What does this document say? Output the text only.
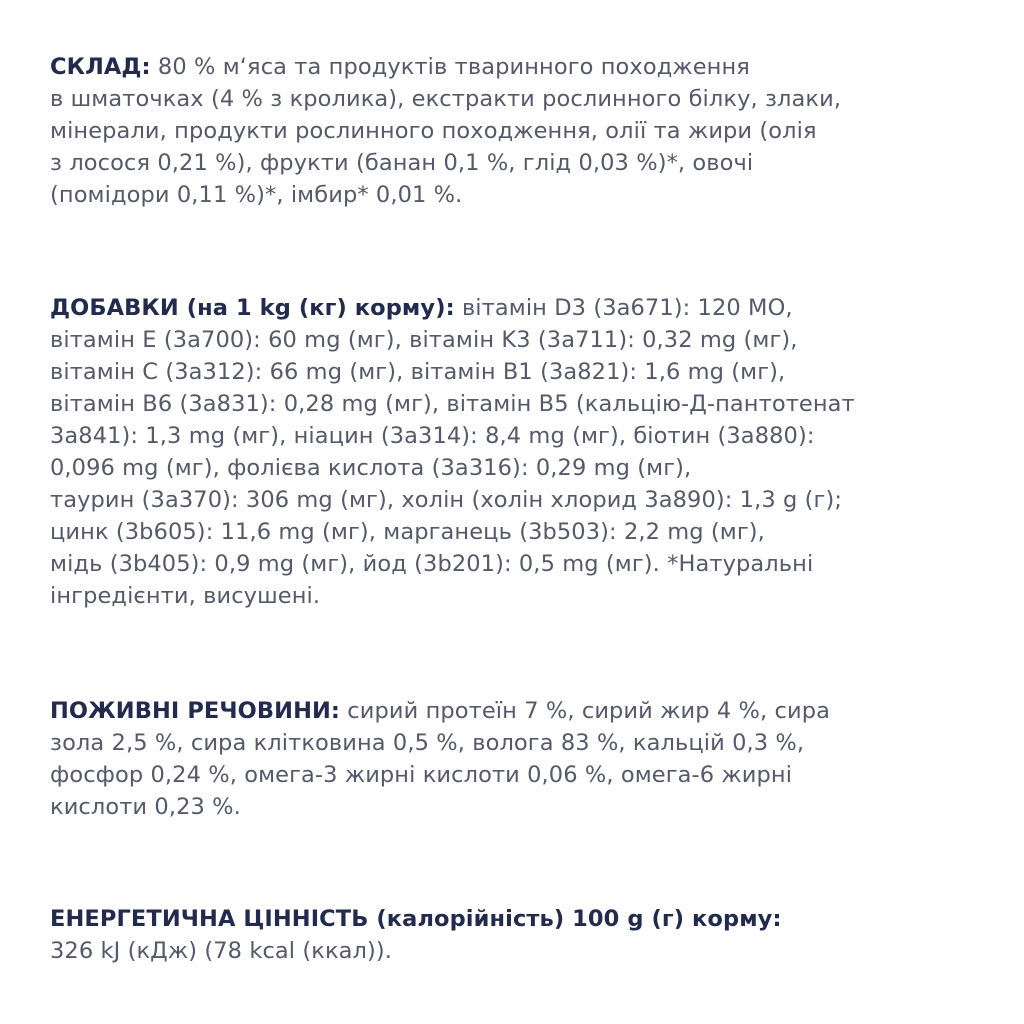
СКЛАД: 80 % м‘яса та продуктів тваринного походження
в шматочках (4 % з кролика), екстракти рослинного білку, злаки,
мінерали, продукти рослинного походження, олії та жири (олія
з лосося 0,21 %), фрукти (банан 0,1 %, глід 0,03 %)*, овочі
(помідори 0,11 %)*, імбир* 0,01 %.
ДОБАВКИ (на 1 kg (кг) корму): вітамін D3 (3a671): 120 МО,
вітамін E (3a700): 60 mg (мг), вітамін K3 (3a711): 0,32 mg (мг),
вітамін C (3a312): 66 mg (мг), вітамін B1 (3a821): 1,6 mg (мг),
вітамін B6 (3a831): 0,28 mg (мг), вітамін B5 (кальцію-Д-пантотенат
3a841): 1,3 mg (мг), ніацин (3a314): 8,4 mg (мг), біотин (3a880):
0,096 mg (мг), фолієва кислота (3a316): 0,29 mg (мг),
таурин (3a370): 306 mg (мг), холін (холін хлорид 3a890): 1,3 g (г);
цинк (3b605): 11,6 mg (мг), марганець (3b503): 2,2 mg (мг),
мідь (3b405): 0,9 mg (мг), йод (3b201): 0,5 mg (мг). *Натуральні
інгредієнти, висушені.
ПОЖИВНІ РЕЧОВИНИ: сирий протеїн 7 %, сирий жир 4 %, сира
зола 2,5 %, сира клітковина 0,5 %, волога 83 %, кальцій 0,3 %,
фосфор 0,24 %, омега-3 жирні кислоти 0,06 %, омега-6 жирні
кислоти 0,23 %.
ЕНЕРГЕТИЧНА ЦІННІСТЬ (калорійність) 100 g (г) корму:
326 kJ (кДж) (78 kcal (ккал)).
